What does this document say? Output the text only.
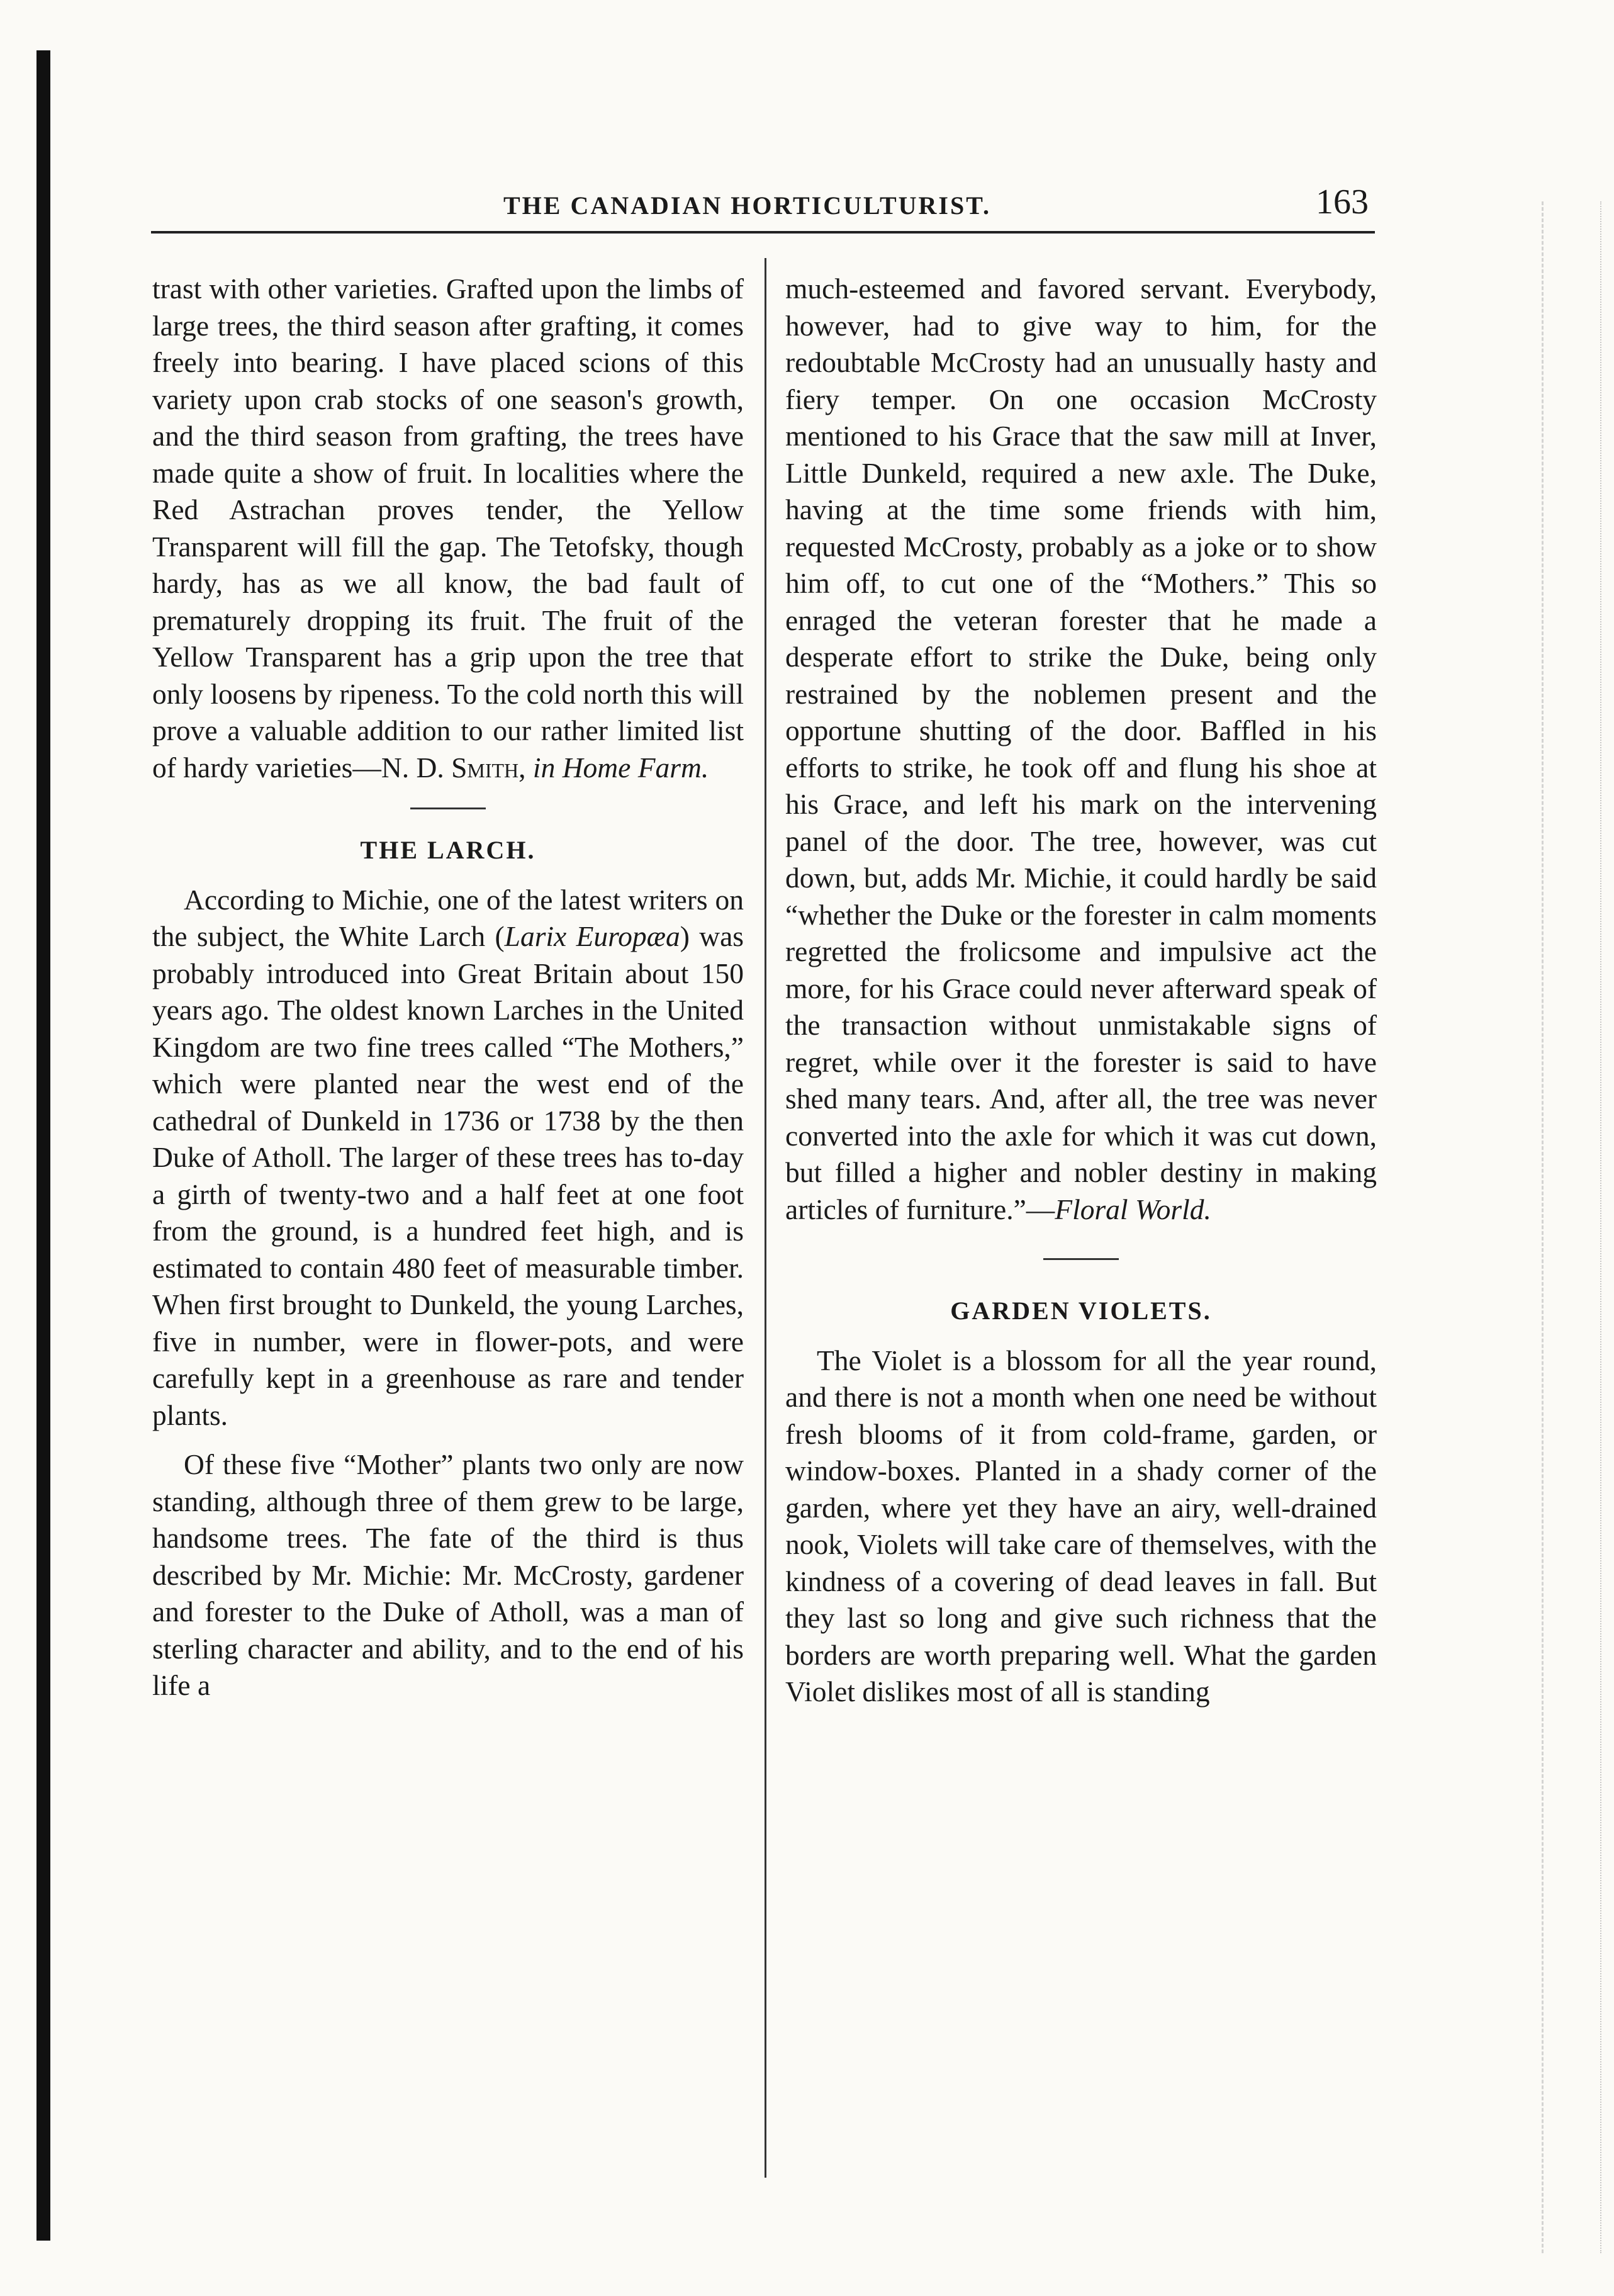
THE CANADIAN HORTICULTURIST.	163

trast with other varieties. Grafted upon the limbs of large trees, the third season after grafting, it comes freely into bearing. I have placed scions of this variety upon crab stocks of one season's growth, and the third season from grafting, the trees have made quite a show of fruit. In localities where the Red Astrachan proves tender, the Yellow Transparent will fill the gap. The Tetofsky, though hardy, has as we all know, the bad fault of prematurely dropping its fruit. The fruit of the Yellow Transparent has a grip upon the tree that only loosens by ripeness. To the cold north this will prove a valuable addition to our rather limited list of hardy varieties—N. D. Smith, in Home Farm.

THE LARCH.

According to Michie, one of the latest writers on the subject, the White Larch (Larix Europæa) was probably introduced into Great Britain about 150 years ago. The oldest known Larches in the United Kingdom are two fine trees called “The Mothers,” which were planted near the west end of the cathedral of Dunkeld in 1736 or 1738 by the then Duke of Atholl. The larger of these trees has to-day a girth of twenty-two and a half feet at one foot from the ground, is a hundred feet high, and is estimated to contain 480 feet of measurable timber. When first brought to Dunkeld, the young Larches, five in number, were in flower-pots, and were carefully kept in a greenhouse as rare and tender plants.

Of these five “Mother” plants two only are now standing, although three of them grew to be large, handsome trees. The fate of the third is thus described by Mr. Michie: Mr. McCrosty, gardener and forester to the Duke of Atholl, was a man of sterling character and ability, and to the end of his life a

much-esteemed and favored servant. Everybody, however, had to give way to him, for the redoubtable McCrosty had an unusually hasty and fiery temper. On one occasion McCrosty mentioned to his Grace that the saw mill at Inver, Little Dunkeld, required a new axle. The Duke, having at the time some friends with him, requested McCrosty, probably as a joke or to show him off, to cut one of the “Mothers.” This so enraged the veteran forester that he made a desperate effort to strike the Duke, being only restrained by the noblemen present and the opportune shutting of the door. Baffled in his efforts to strike, he took off and flung his shoe at his Grace, and left his mark on the intervening panel of the door. The tree, however, was cut down, but, adds Mr. Michie, it could hardly be said “whether the Duke or the forester in calm moments regretted the frolicsome and impulsive act the more, for his Grace could never afterward speak of the transaction without unmistakable signs of regret, while over it the forester is said to have shed many tears. And, after all, the tree was never converted into the axle for which it was cut down, but filled a higher and nobler destiny in making articles of furniture.”—Floral World.

GARDEN VIOLETS.

The Violet is a blossom for all the year round, and there is not a month when one need be without fresh blooms of it from cold-frame, garden, or window-boxes. Planted in a shady corner of the garden, where yet they have an airy, well-drained nook, Violets will take care of themselves, with the kindness of a covering of dead leaves in fall. But they last so long and give such richness that the borders are worth preparing well. What the garden Violet dislikes most of all is standing
